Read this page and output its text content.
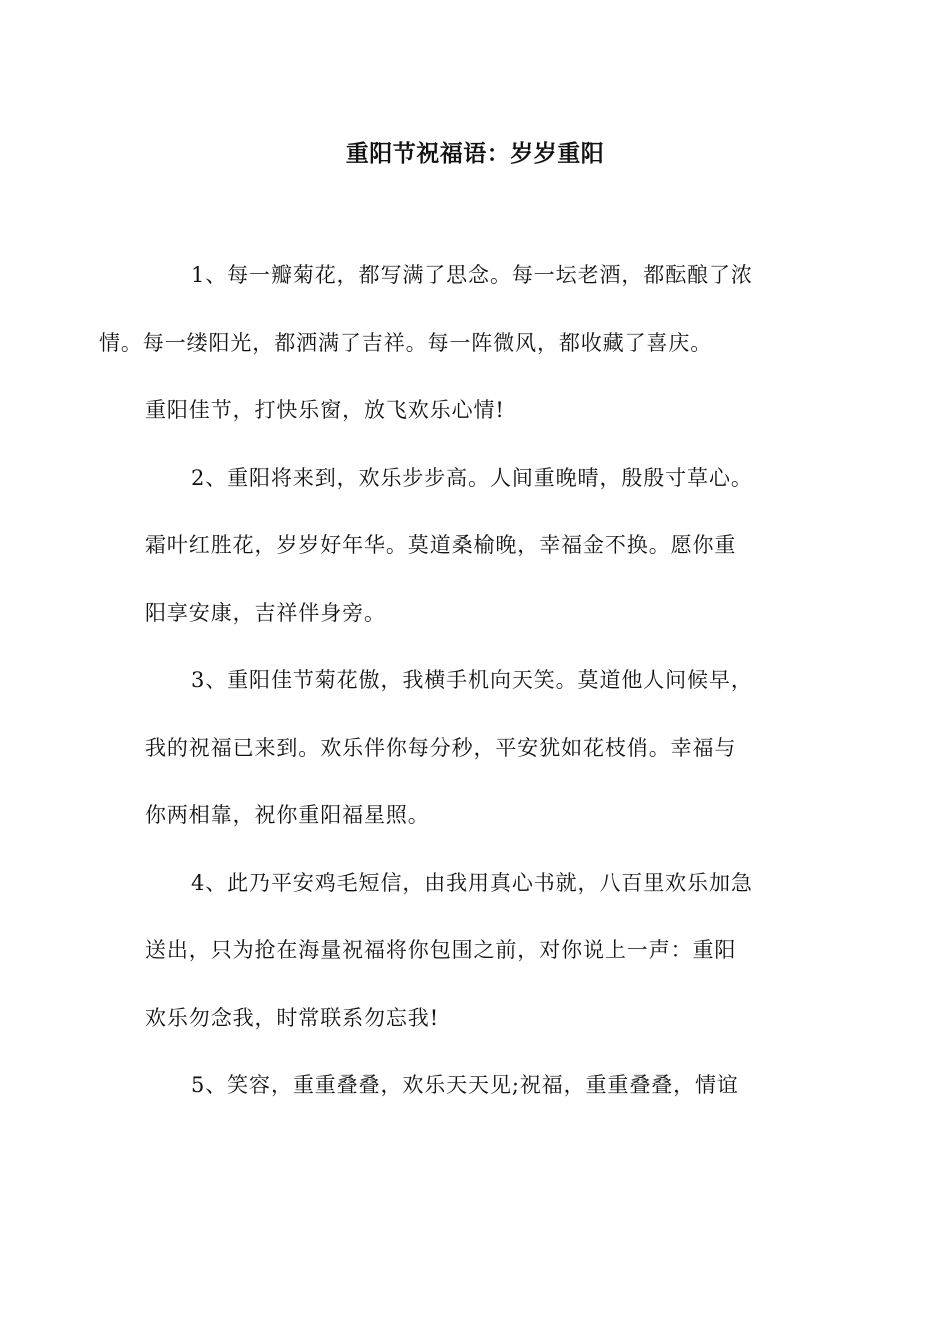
重阳节祝福语：岁岁重阳

1、每一瓣菊花，都写满了思念。每一坛老酒，都酝酿了浓
情。每一缕阳光，都洒满了吉祥。每一阵微风，都收藏了喜庆。
重阳佳节，打快乐窗，放飞欢乐心情!

2、重阳将来到，欢乐步步高。人间重晚晴，殷殷寸草心。
霜叶红胜花，岁岁好年华。莫道桑榆晚，幸福金不换。愿你重
阳享安康，吉祥伴身旁。

3、重阳佳节菊花傲，我横手机向天笑。莫道他人问候早，
我的祝福已来到。欢乐伴你每分秒，平安犹如花枝俏。幸福与
你两相靠，祝你重阳福星照。

4、此乃平安鸡毛短信，由我用真心书就，八百里欢乐加急
送出，只为抢在海量祝福将你包围之前，对你说上一声：重阳
欢乐勿念我，时常联系勿忘我!

5、笑容，重重叠叠，欢乐天天见;祝福，重重叠叠，情谊
